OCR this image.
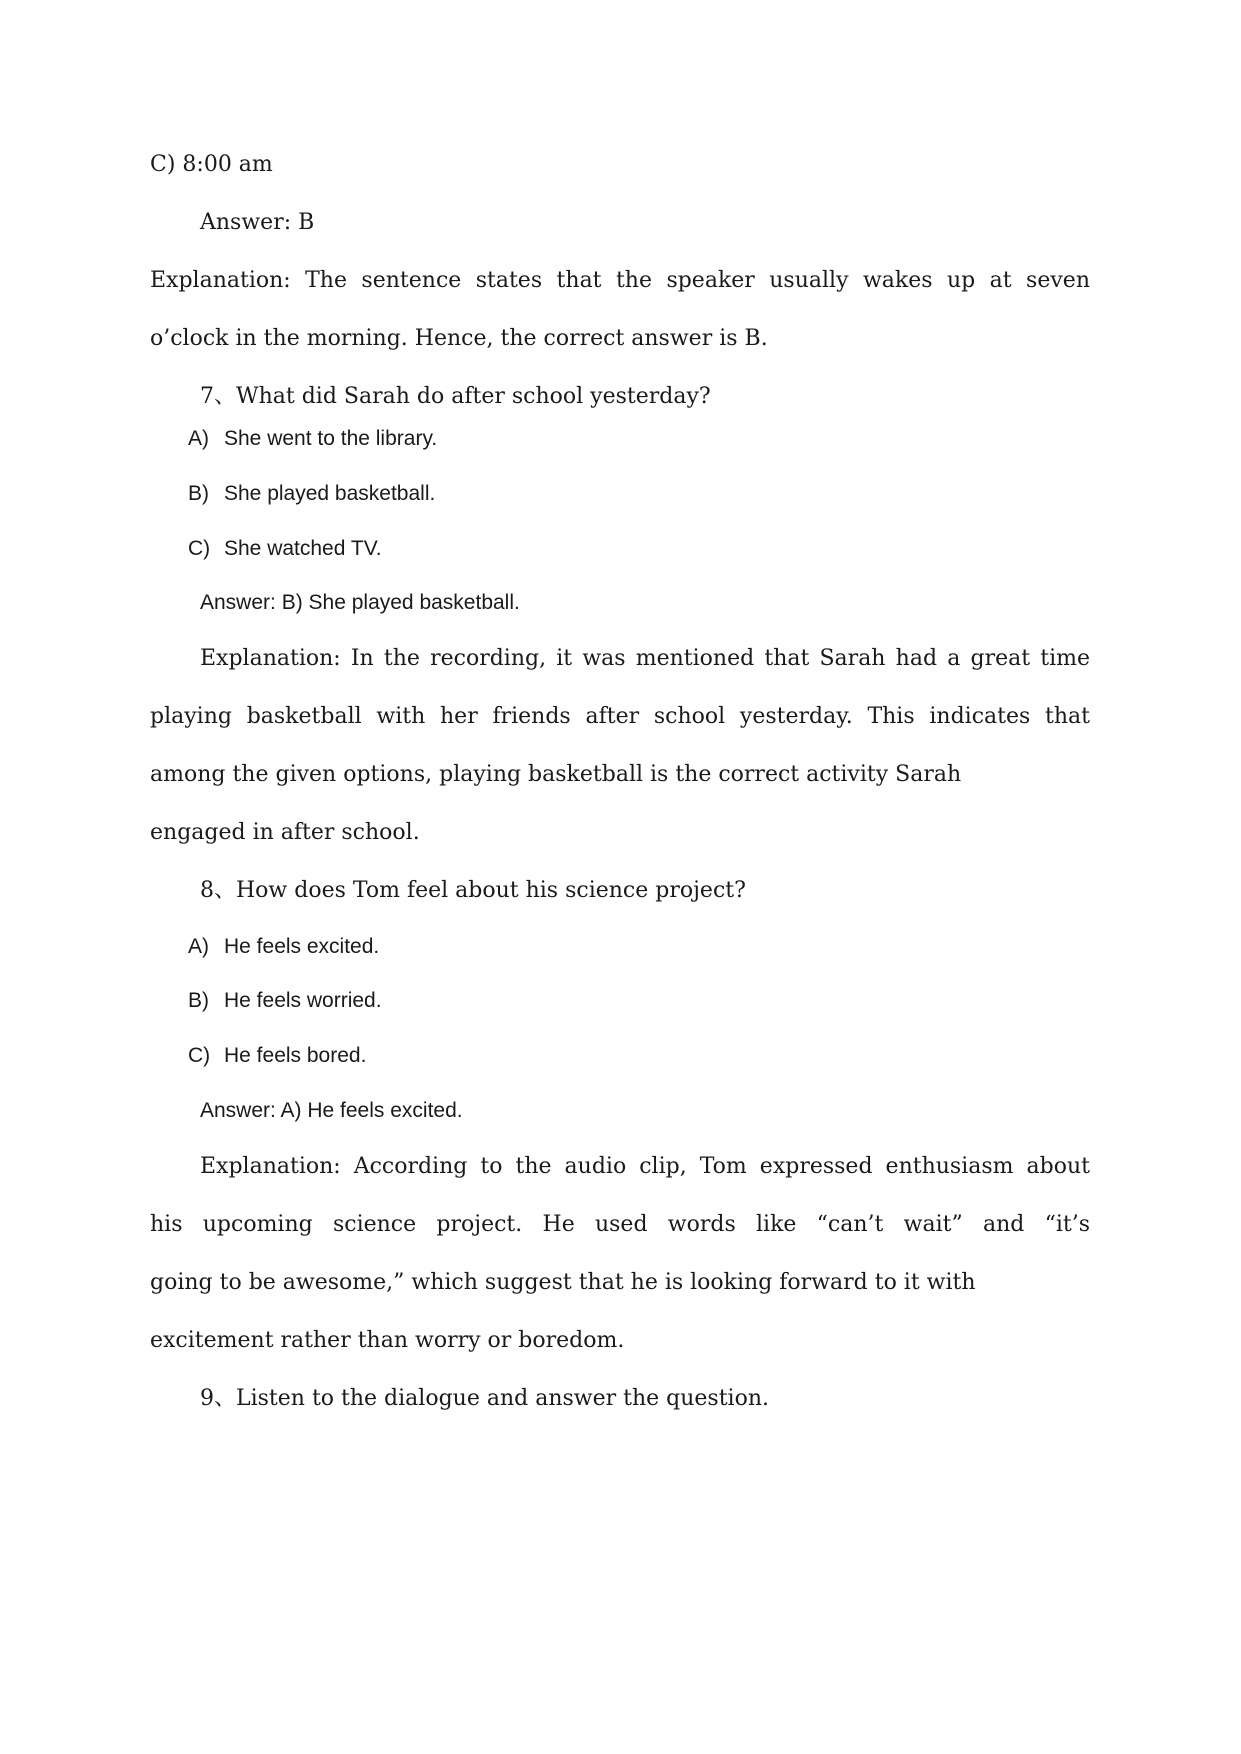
C) 8:00 am
Answer: B
Explanation: The sentence states that the speaker usually wakes up at seven
o’clock in the morning. Hence, the correct answer is B.
7、What did Sarah do after school yesterday?
A) She went to the library.
B) She played basketball.
C) She watched TV.
Answer: B) She played basketball.
Explanation: In the recording, it was mentioned that Sarah had a great time
playing basketball with her friends after school yesterday. This indicates that
among the given options, playing basketball is the correct activity Sarah
engaged in after school.
8、How does Tom feel about his science project?
A) He feels excited.
B) He feels worried.
C) He feels bored.
Answer: A) He feels excited.
Explanation: According to the audio clip, Tom expressed enthusiasm about
his upcoming science project. He used words like “can’t wait” and “it’s
going to be awesome,” which suggest that he is looking forward to it with
excitement rather than worry or boredom.
9、Listen to the dialogue and answer the question.
